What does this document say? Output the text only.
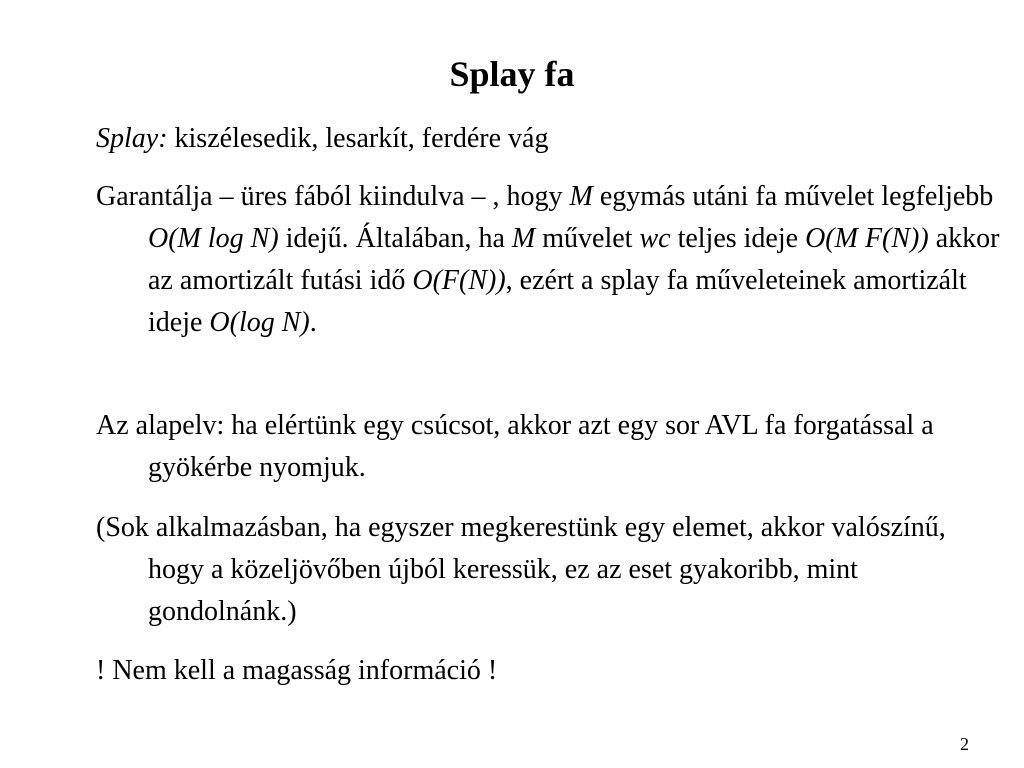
Splay fa
Splay: kiszélesedik, lesarkít, ferdére vág
Garantálja – üres fából kiindulva – , hogy M egymás utáni fa művelet legfeljebb O(M log N) idejű. Általában, ha M művelet wc teljes ideje O(M F(N)) akkor az amortizált futási idő O(F(N)), ezért a splay fa műveleteinek amortizált ideje O(log N).
Az alapelv: ha elértünk egy csúcsot, akkor azt egy sor AVL fa forgatással a gyökérbe nyomjuk.
(Sok alkalmazásban, ha egyszer megkerestünk egy elemet, akkor valószínű, hogy a közeljövőben újból keressük, ez az eset gyakoribb, mint gondolnánk.)
! Nem kell a magasság információ !
2
